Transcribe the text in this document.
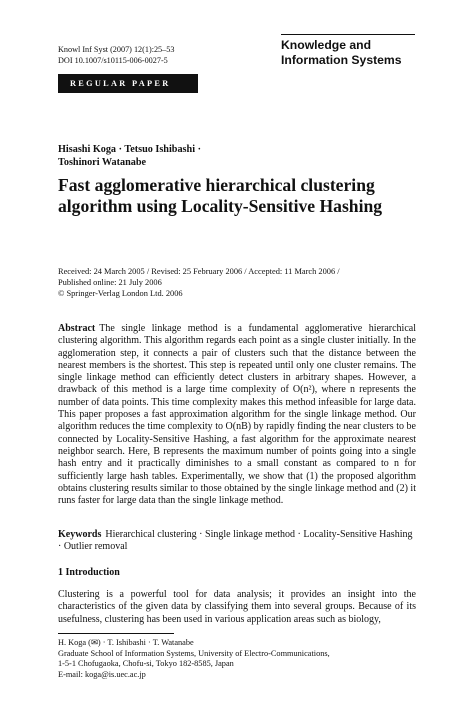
Knowl Inf Syst (2007) 12(1):25–53
DOI 10.1007/s10115-006-0027-5
Knowledge and
Information Systems
REGULAR PAPER
Hisashi Koga · Tetsuo Ishibashi ·
Toshinori Watanabe
Fast agglomerative hierarchical clustering
algorithm using Locality-Sensitive Hashing
Received: 24 March 2005 / Revised: 25 February 2006 / Accepted: 11 March 2006 /
Published online: 21 July 2006
© Springer-Verlag London Ltd. 2006
Abstract The single linkage method is a fundamental agglomerative hierarchical clustering algorithm. This algorithm regards each point as a single cluster initially. In the agglomeration step, it connects a pair of clusters such that the distance between the nearest members is the shortest. This step is repeated until only one cluster remains. The single linkage method can efficiently detect clusters in arbitrary shapes. However, a drawback of this method is a large time complexity of O(n²), where n represents the number of data points. This time complexity makes this method infeasible for large data. This paper proposes a fast approximation algorithm for the single linkage method. Our algorithm reduces the time complexity to O(nB) by rapidly finding the near clusters to be connected by Locality-Sensitive Hashing, a fast algorithm for the approximate nearest neighbor search. Here, B represents the maximum number of points going into a single hash entry and it practically diminishes to a small constant as compared to n for sufficiently large hash tables. Experimentally, we show that (1) the proposed algorithm obtains clustering results similar to those obtained by the single linkage method and (2) it runs faster for large data than the single linkage method.
Keywords Hierarchical clustering · Single linkage method · Locality-Sensitive Hashing · Outlier removal
1 Introduction
Clustering is a powerful tool for data analysis; it provides an insight into the characteristics of the given data by classifying them into several groups. Because of its usefulness, clustering has been used in various application areas such as biology,
H. Koga (✉) · T. Ishibashi · T. Watanabe
Graduate School of Information Systems, University of Electro-Communications,
1-5-1 Chofugaoka, Chofu-si, Tokyo 182-8585, Japan
E-mail: koga@is.uec.ac.jp
